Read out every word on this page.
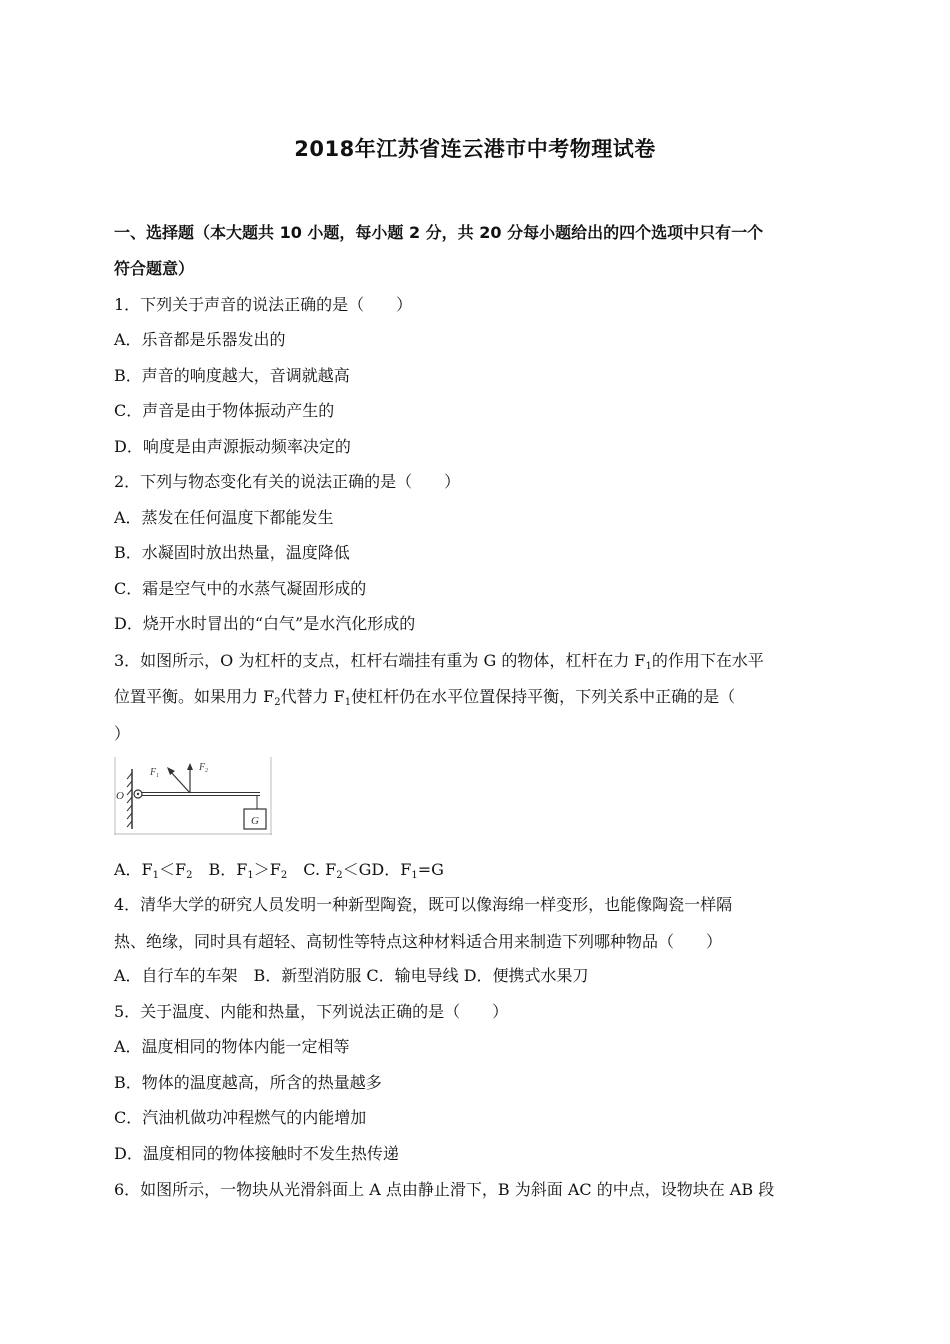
2018年江苏省连云港市中考物理试卷
一、选择题（本大题共 10 小题，每小题 2 分，共 20 分每小题给出的四个选项中只有一个
符合题意）
1．下列关于声音的说法正确的是（　　）
A．乐音都是乐器发出的
B．声音的响度越大，音调就越高
C．声音是由于物体振动产生的
D．响度是由声源振动频率决定的
2．下列与物态变化有关的说法正确的是（　　）
A．蒸发在任何温度下都能发生
B．水凝固时放出热量，温度降低
C．霜是空气中的水蒸气凝固形成的
D．烧开水时冒出的“白气”是水汽化形成的
3．如图所示，O 为杠杆的支点，杠杆右端挂有重为 G 的物体，杠杆在力 $F_1$的作用下在水平
位置平衡。如果用力 $F_2$代替力 $F_1$使杠杆仍在水平位置保持平衡，下列关系中正确的是（
）
G
O
F 1
F 2
A．$F_1<F_2$　B．$F_1>F_2$　C. $F_2<GD$．$F_1=G$
4．清华大学的研究人员发明一种新型陶瓷，既可以像海绵一样变形，也能像陶瓷一样隔
热、绝缘，同时具有超轻、高韧性等特点这种材料适合用来制造下列哪种物品（　　）
A．自行车的车架　B．新型消防服 C．输电导线 D．便携式水果刀
5．关于温度、内能和热量，下列说法正确的是（　　）
A．温度相同的物体内能一定相等
B．物体的温度越高，所含的热量越多
C．汽油机做功冲程燃气的内能增加
D．温度相同的物体接触时不发生热传递
6．如图所示，一物块从光滑斜面上 A 点由静止滑下，B 为斜面 AC 的中点，设物块在 AB 段
